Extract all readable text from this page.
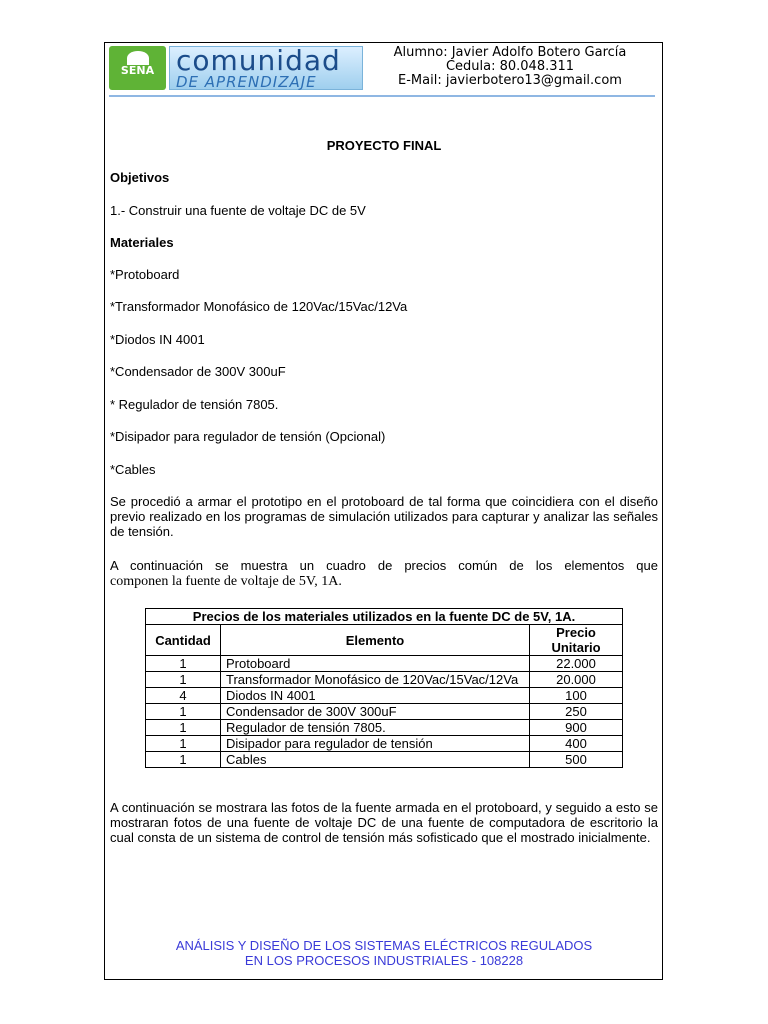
SENA comunidad
DE APRENDIZAJE
Alumno: Javier Adolfo Botero García
Cedula: 80.048.311
E-Mail: javierbotero13@gmail.com
PROYECTO FINAL
Objetivos
1.- Construir una fuente de voltaje DC de 5V
Materiales
*Protoboard
*Transformador Monofásico de 120Vac/15Vac/12Va
*Diodos IN 4001
*Condensador de 300V 300uF
* Regulador de tensión 7805.
*Disipador para regulador de tensión (Opcional)
*Cables
Se procedió a armar el prototipo en el protoboard de tal forma que coincidiera con el diseño previo realizado en los programas de simulación utilizados para capturar y analizar las señales de tensión.
A continuación se muestra un cuadro de precios común de los elementos que
componen la fuente de voltaje de 5V, 1A.
A continuación se mostrara las fotos de la fuente armada en el protoboard, y seguido a esto se mostraran fotos de una fuente de voltaje DC de una fuente de computadora de escritorio la cual consta de un sistema de control de tensión más sofisticado que el mostrado inicialmente.
Precios de los materiales utilizados en la fuente DC de 5V, 1A.		
Cantidad	Elemento	Precio Unitario
1	Protoboard	22.000
1	Transformador Monofásico de 120Vac/15Vac/12Va	20.000
4	Diodos IN 4001	100
1	Condensador de 300V 300uF	250
1	Regulador de tensión 7805.	900
1	Disipador para regulador de tensión	400
1	Cables	500
ANÁLISIS Y DISEÑO DE LOS SISTEMAS ELÉCTRICOS REGULADOS
EN LOS PROCESOS INDUSTRIALES - 108228
